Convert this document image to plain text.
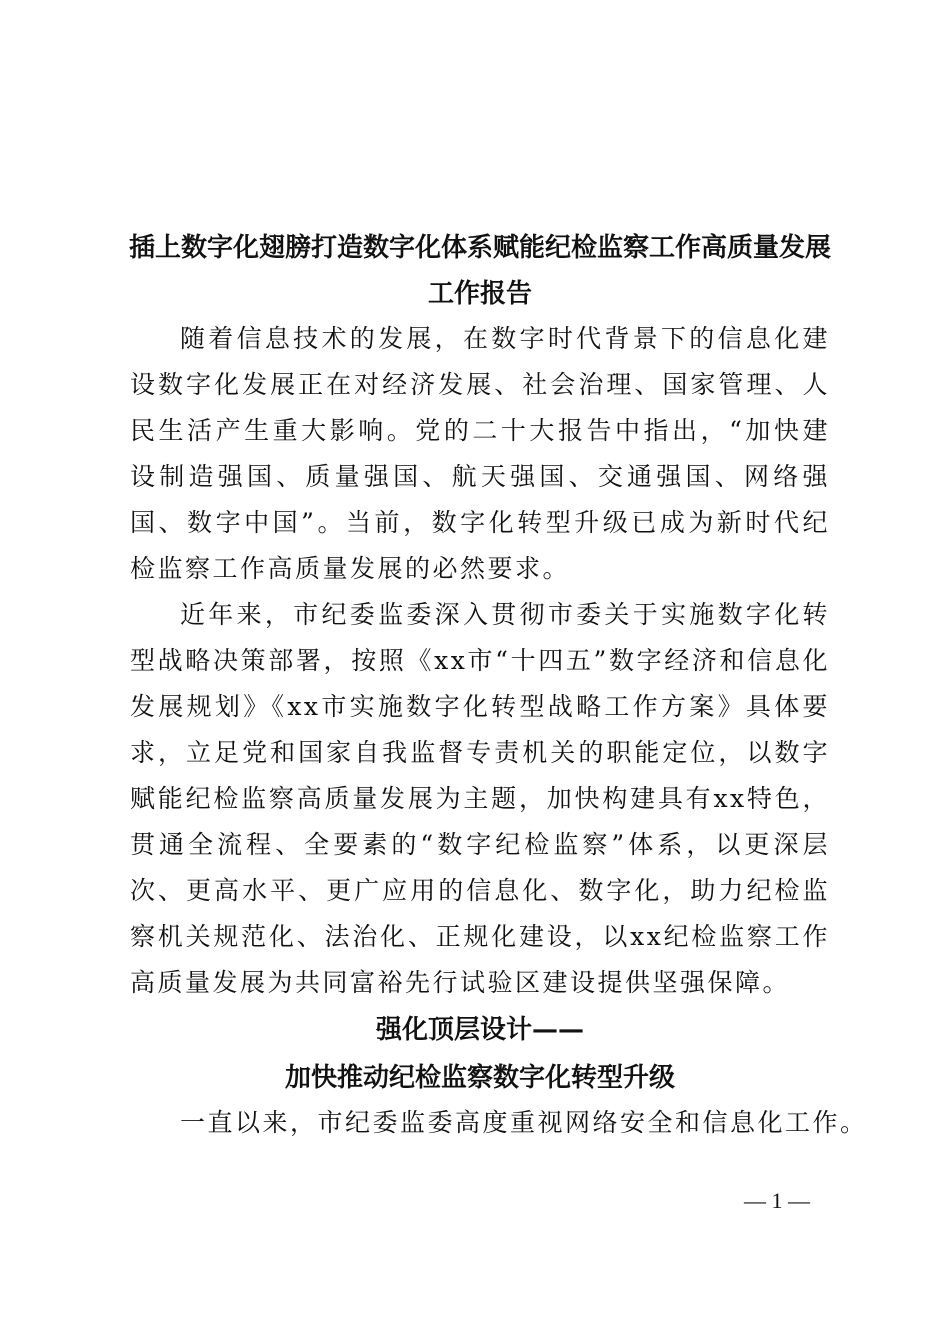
插上数字化翅膀打造数字化体系赋能纪检监察工作高质量发展工作报告
随着信息技术的发展，在数字时代背景下的信息化建设数字化发展正在对经济发展、社会治理、国家管理、人民生活产生重大影响。党的二十大报告中指出，“加快建设制造强国、质量强国、航天强国、交通强国、网络强国、数字中国”。当前，数字化转型升级已成为新时代纪检监察工作高质量发展的必然要求。
近年来，市纪委监委深入贯彻市委关于实施数字化转型战略决策部署，按照《xx市“十四五”数字经济和信息化发展规划》《xx市实施数字化转型战略工作方案》具体要求，立足党和国家自我监督专责机关的职能定位，以数字赋能纪检监察高质量发展为主题，加快构建具有xx特色，贯通全流程、全要素的“数字纪检监察”体系，以更深层次、更高水平、更广应用的信息化、数字化，助力纪检监察机关规范化、法治化、正规化建设，以xx纪检监察工作高质量发展为共同富裕先行试验区建设提供坚强保障。
强化顶层设计——
加快推动纪检监察数字化转型升级
一直以来，市纪委监委高度重视网络安全和信息化工作。
— 1 —
